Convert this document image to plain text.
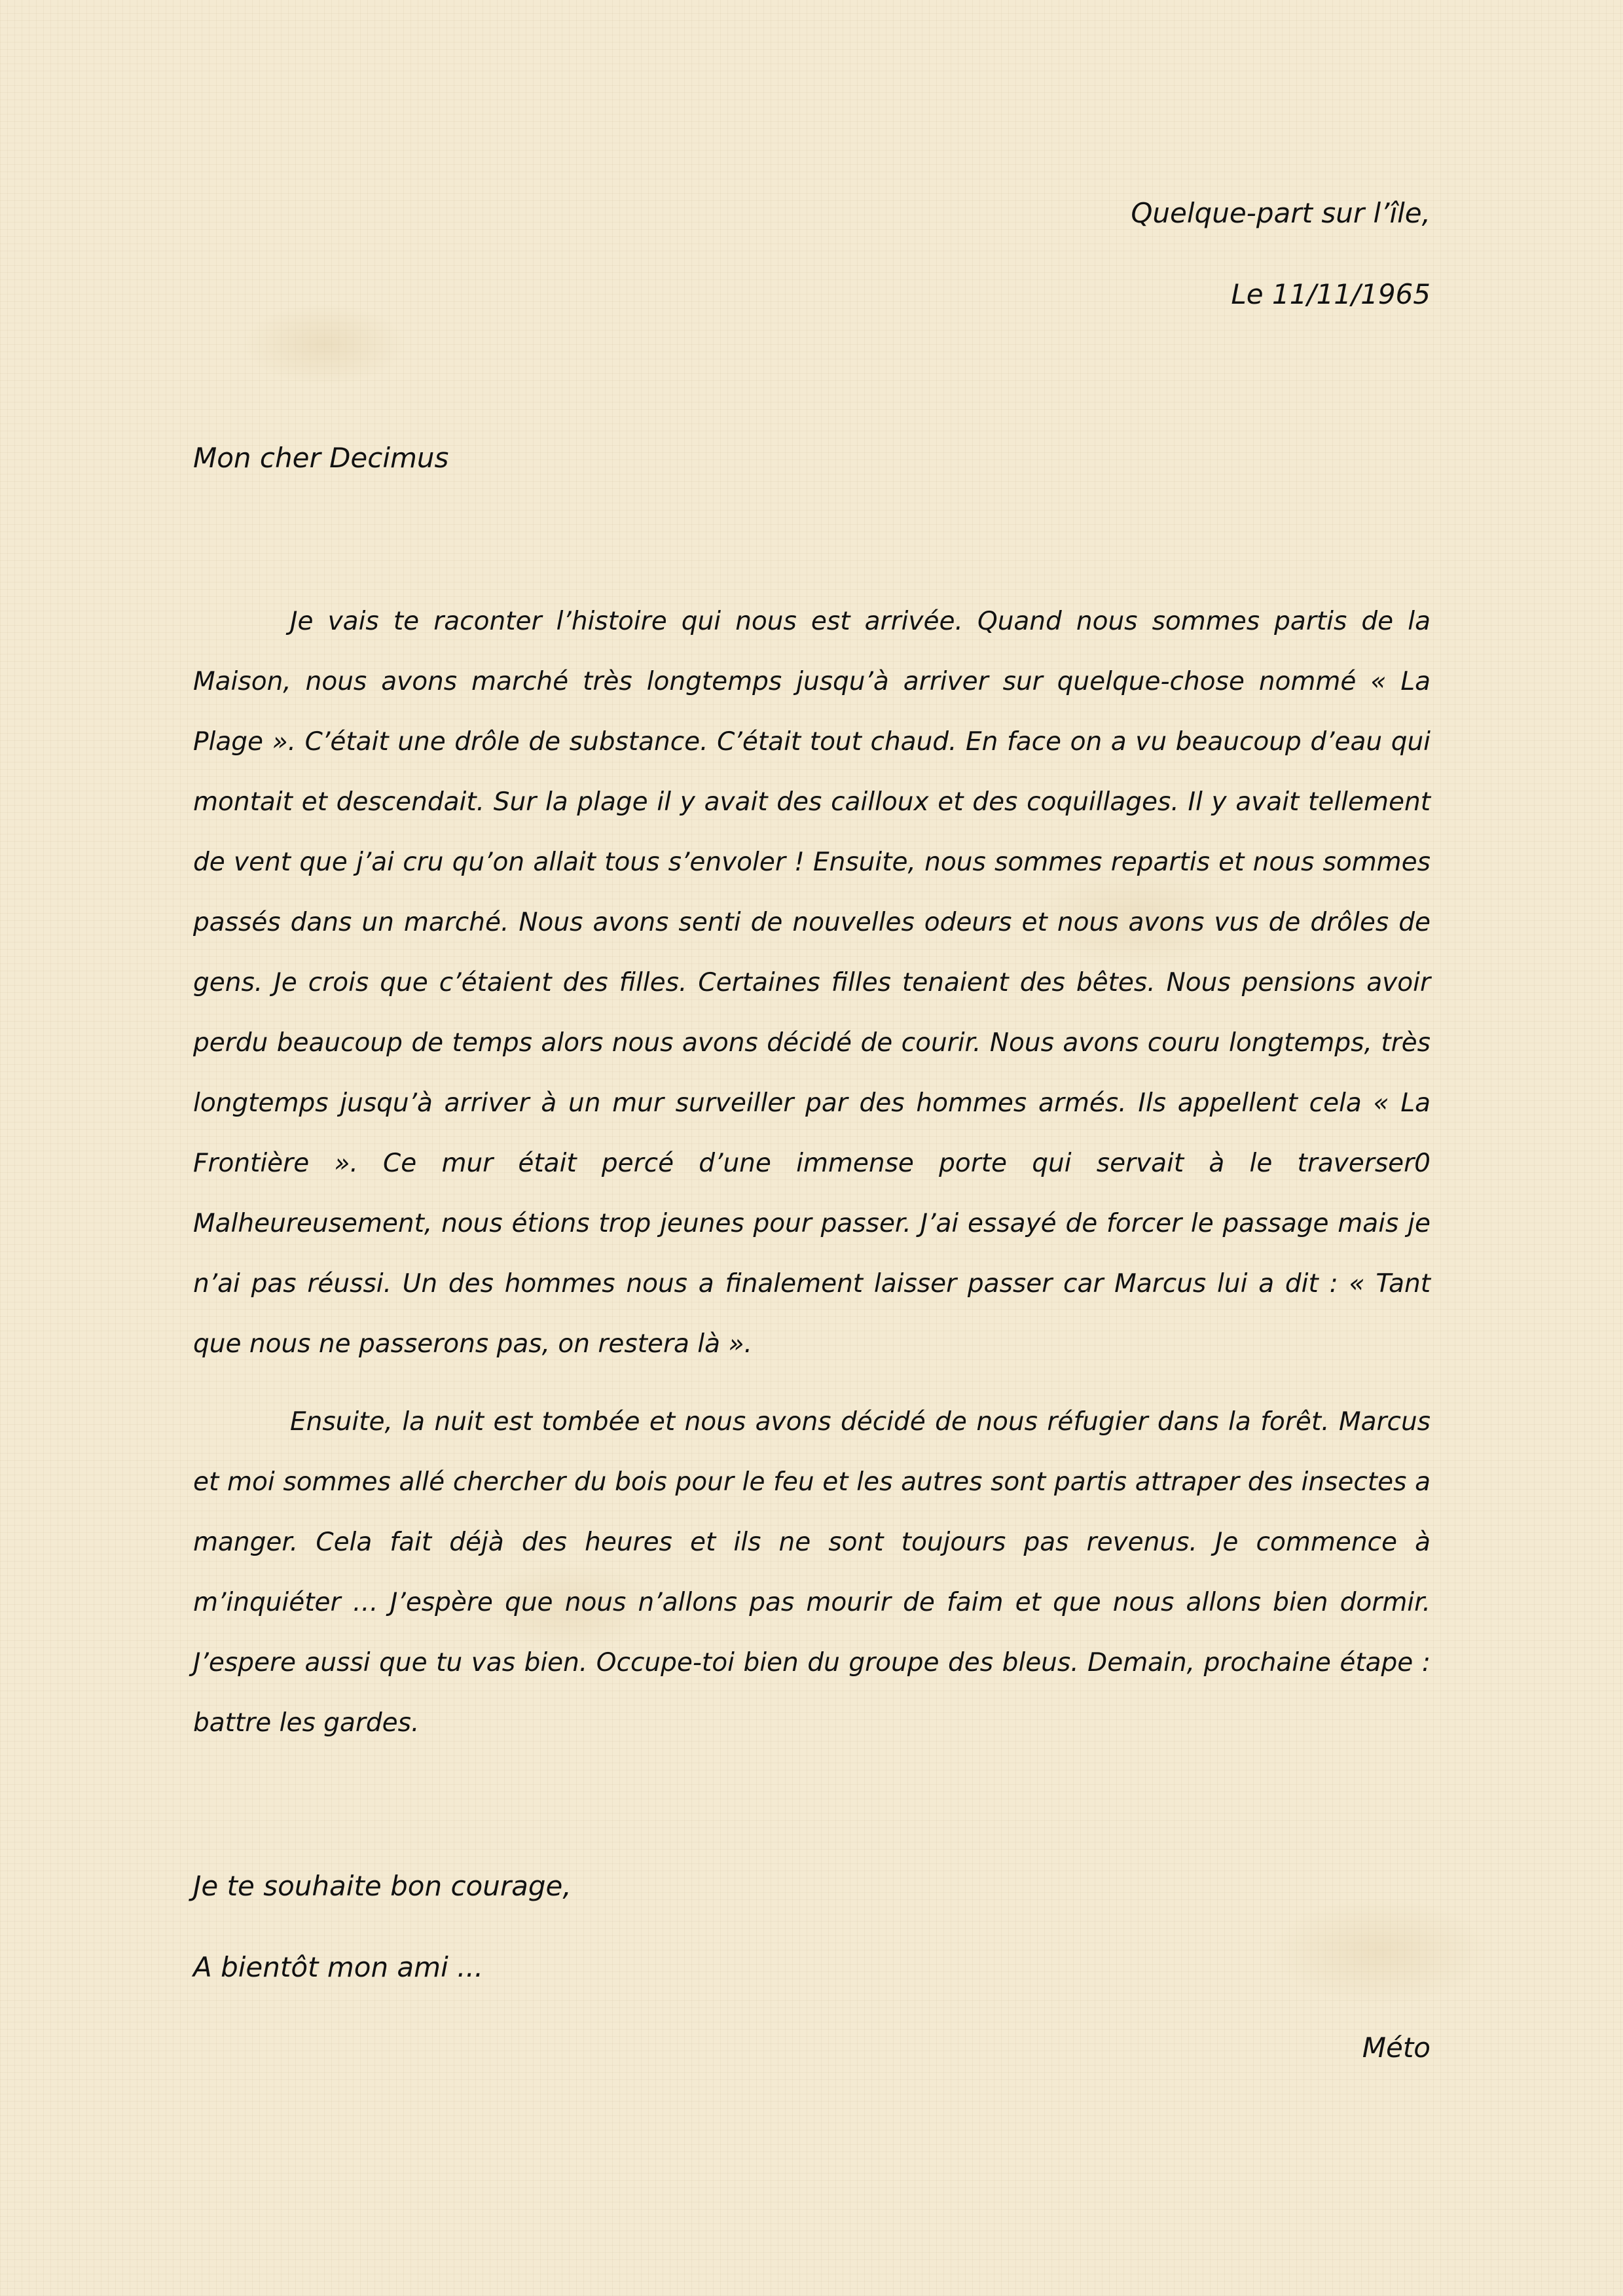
Quelque-part sur l’île,
Le 11/11/1965
Mon cher Decimus

Je vais te raconter l’histoire qui nous est arrivée. Quand nous sommes partis de la Maison, nous avons marché très longtemps jusqu’à arriver sur quelque-chose nommé « La Plage ». C’était une drôle de substance. C’était tout chaud. En face on a vu beaucoup d’eau qui montait et descendait. Sur la plage il y avait des cailloux et des coquillages. Il y avait tellement de vent que j’ai cru qu’on allait tous s’envoler ! Ensuite, nous sommes repartis et nous sommes passés dans un marché. Nous avons senti de nouvelles odeurs et nous avons vus de drôles de gens. Je crois que c’étaient des filles. Certaines filles tenaient des bêtes. Nous pensions avoir perdu beaucoup de temps alors nous avons décidé de courir. Nous avons couru longtemps, très longtemps jusqu’à arriver à un mur surveiller par des hommes armés. Ils appellent cela « La Frontière ». Ce mur était percé d’une immense porte qui servait à le traverser0 Malheureusement, nous étions trop jeunes pour passer. J’ai essayé de forcer le passage mais je n’ai pas réussi. Un des hommes nous a finalement laisser passer car Marcus lui a dit : « Tant que nous ne passerons pas, on restera là ».

Ensuite, la nuit est tombée et nous avons décidé de nous réfugier dans la forêt. Marcus et moi sommes allé chercher du bois pour le feu et les autres sont partis attraper des insectes a manger. Cela fait déjà des heures et ils ne sont toujours pas revenus. Je commence à m’inquiéter … J’espère que nous n’allons pas mourir de faim et que nous allons bien dormir. J’espere aussi que tu vas bien. Occupe-toi bien du groupe des bleus. Demain, prochaine étape : battre les gardes.

Je te souhaite bon courage,
A bientôt mon ami ...
Méto
